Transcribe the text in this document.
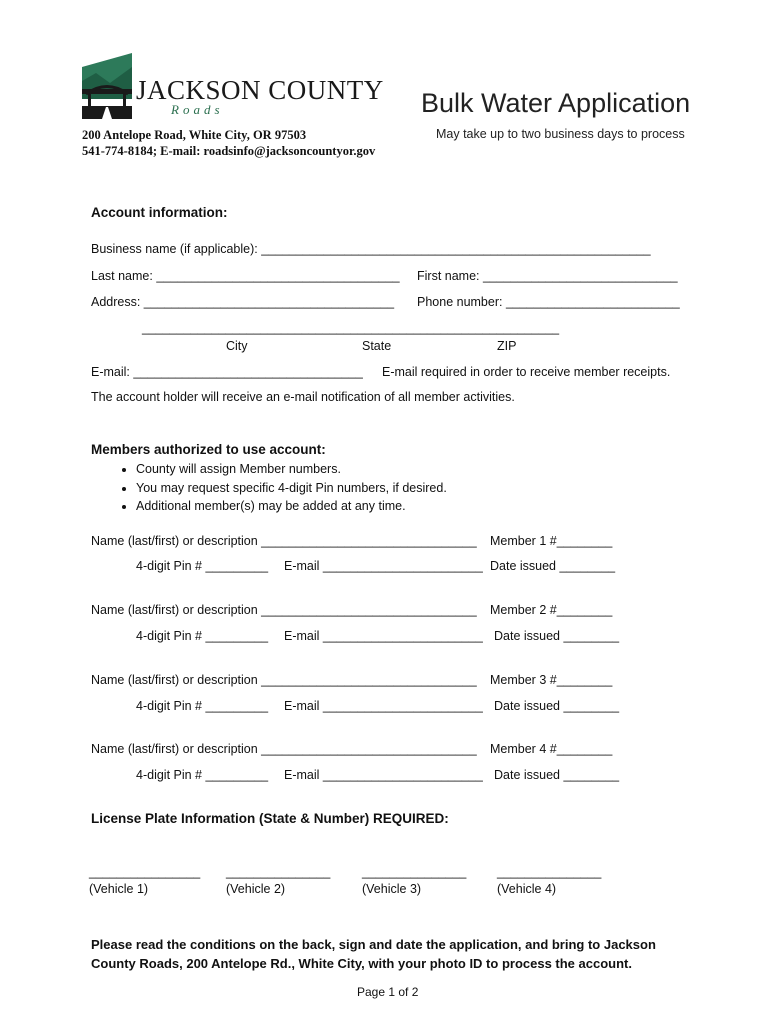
JACKSON COUNTY
Roads
200 Antelope Road, White City, OR 97503
541-774-8184; E-mail: roadsinfo@jacksoncountyor.gov
Bulk Water Application
May take up to two business days to process
Account information:
Business name (if applicable): ________________________________________________________
Last name: ___________________________________ First name: ____________________________
Address: ____________________________________ Phone number: _________________________
____________________________________________________________
City	State	ZIP
E-mail: _________________________________ E-mail required in order to receive member receipts.
The account holder will receive an e-mail notification of all member activities.
Members authorized to use account:
• County will assign Member numbers.
• You may request specific 4-digit Pin numbers, if desired.
• Additional member(s) may be added at any time.
Name (last/first) or description _______________________________ Member 1 #________
4-digit Pin # _________ E-mail _______________________ Date issued ________
Name (last/first) or description _______________________________ Member 2 #________
4-digit Pin # _________ E-mail _______________________ Date issued ________
Name (last/first) or description _______________________________ Member 3 #________
4-digit Pin # _________ E-mail _______________________ Date issued ________
Name (last/first) or description _______________________________ Member 4 #________
4-digit Pin # _________ E-mail _______________________ Date issued ________
License Plate Information (State & Number) REQUIRED:
________________
(Vehicle 1)
_______________
(Vehicle 2)
_______________
(Vehicle 3)
_______________
(Vehicle 4)
Please read the conditions on the back, sign and date the application, and bring to Jackson County Roads, 200 Antelope Rd., White City, with your photo ID to process the account.
Page 1 of 2
